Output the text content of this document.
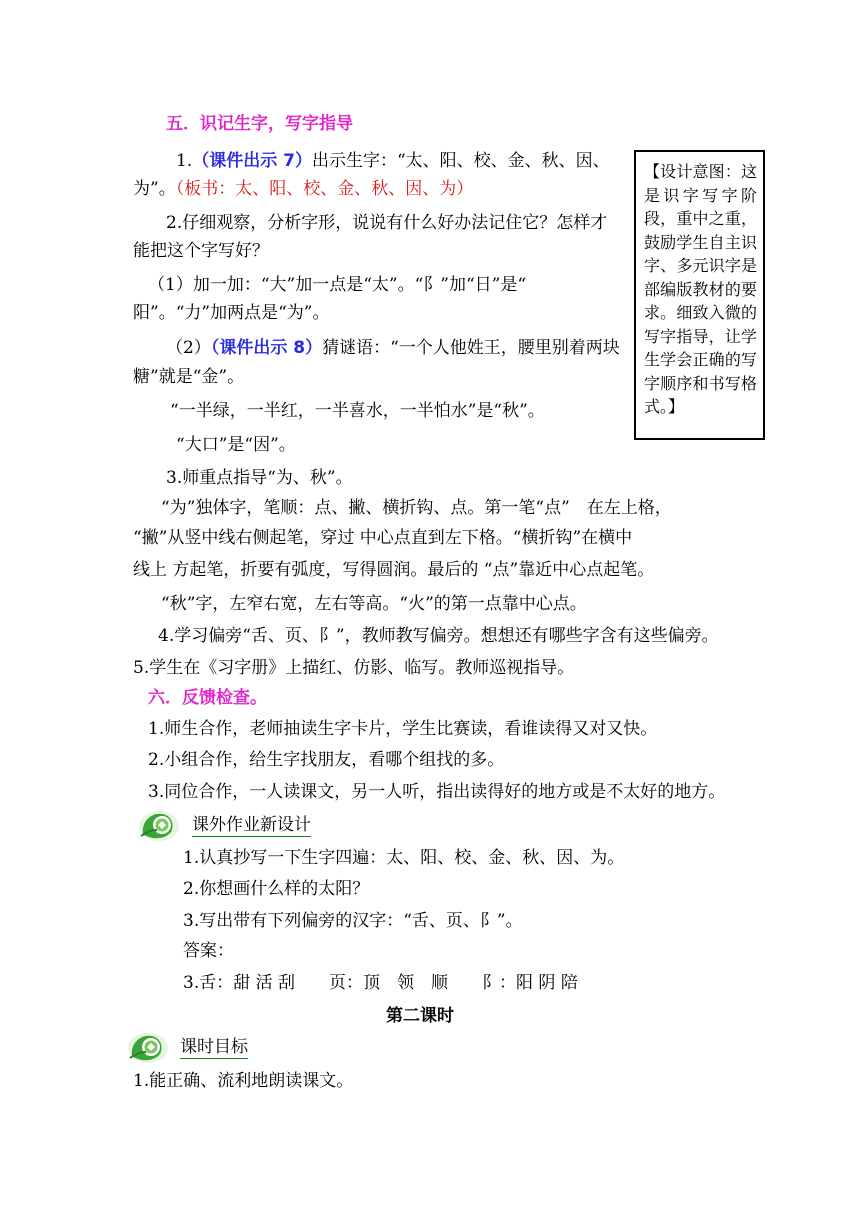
五．识记生字，写字指导
1.（课件出示 7）出示生字：“太、阳、校、金、秋、因、
为”。（板书：太、阳、校、金、秋、因、为）
2.仔细观察，分析字形，说说有什么好办法记住它？怎样才
能把这个字写好？
（1）加一加：“大”加一点是“太”。“阝”加“日”是“
阳”。“力”加两点是“为”。
（2）（课件出示 8）猜谜语：“一个人他姓王，腰里别着两块
糖”就是“金”。
“一半绿，一半红，一半喜水，一半怕水”是“秋”。
“大口”是“因”。
3.师重点指导“为、秋”。
“为”独体字，笔顺：点、撇、横折钩、点。第一笔“点”　在左上格，
“撇”从竖中线右侧起笔，穿过 中心点直到左下格。“横折钩”在横中
线上 方起笔，折要有弧度，写得圆润。最后的 “点”靠近中心点起笔。
“秋”字，左窄右宽，左右等高。“火”的第一点靠中心点。
4.学习偏旁“舌、页、阝”，教师教写偏旁。想想还有哪些字含有这些偏旁。
5.学生在《习字册》上描红、仿影、临写。教师巡视指导。
【设计意图：这是识字写字阶段，重中之重，鼓励学生自主识字、多元识字是部编版教材的要求。细致入微的写字指导，让学生学会正确的写字顺序和书写格式。】
六．反馈检查。
1.师生合作，老师抽读生字卡片，学生比赛读，看谁读得又对又快。
2.小组合作，给生字找朋友，看哪个组找的多。
3.同位合作，一人读课文，另一人听，指出读得好的地方或是不太好的地方。
课外作业新设计
1.认真抄写一下生字四遍：太、阳、校、金、秋、因、为。
2.你想画什么样的太阳？
3.写出带有下列偏旁的汉字：“舌、页、阝”。
答案：
3.舌：甜 活 刮　　页：顶　领　顺　　阝：阳 阴 陪
第二课时
课时目标
1.能正确、流利地朗读课文。
